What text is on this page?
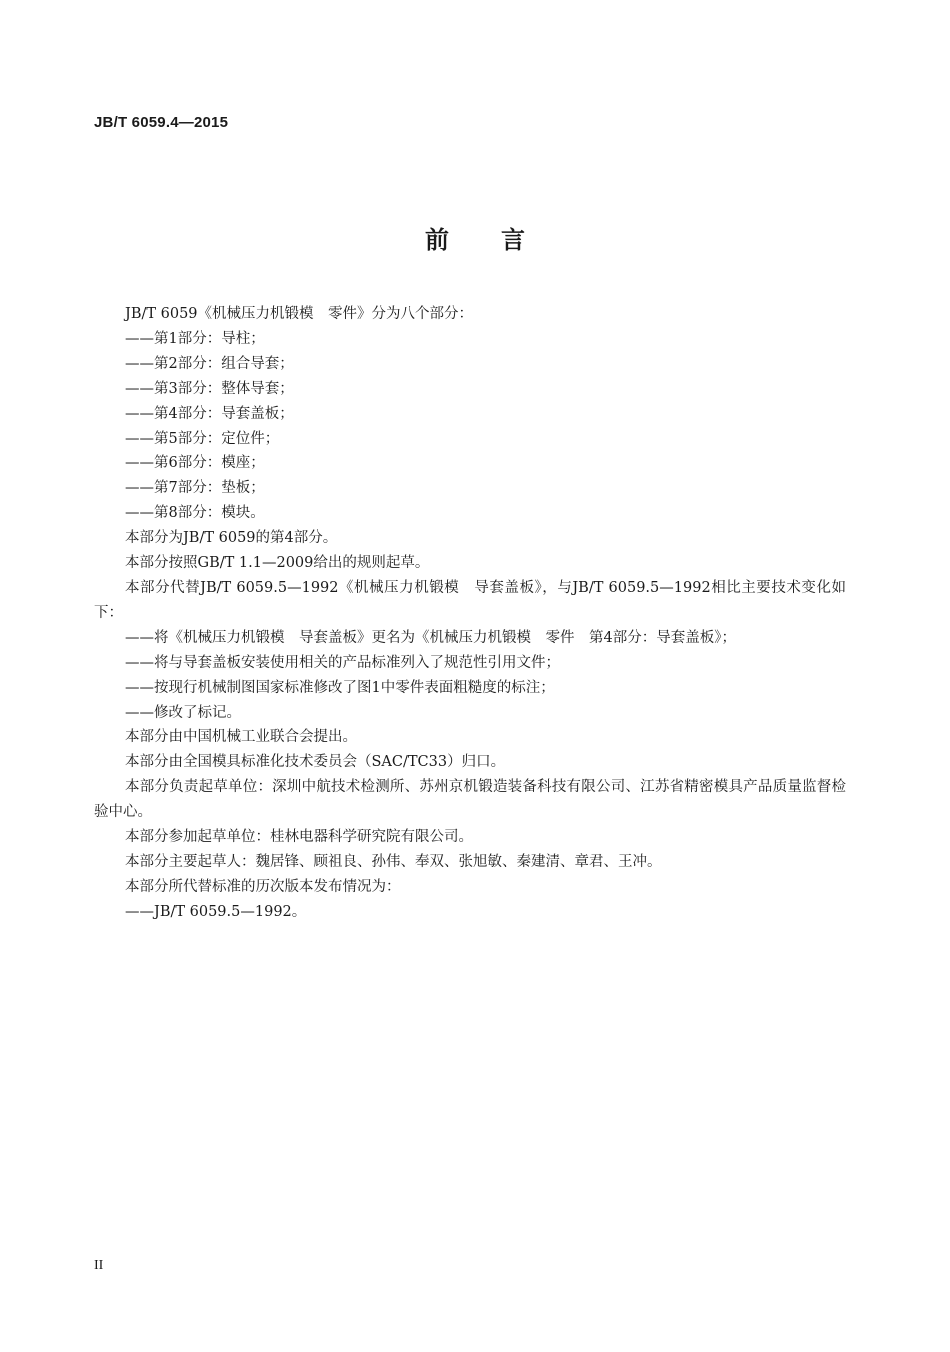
JB/T 6059.4—2015
前 言
JB/T 6059《机械压力机锻模　零件》分为八个部分：
——第1部分：导柱；
——第2部分：组合导套；
——第3部分：整体导套；
——第4部分：导套盖板；
——第5部分：定位件；
——第6部分：模座；
——第7部分：垫板；
——第8部分：模块。
本部分为JB/T 6059的第4部分。
本部分按照GB/T 1.1—2009给出的规则起草。
本部分代替JB/T 6059.5—1992《机械压力机锻模　导套盖板》，与JB/T 6059.5—1992相比主要技术变化如下：
——将《机械压力机锻模　导套盖板》更名为《机械压力机锻模　零件　第4部分：导套盖板》；
——将与导套盖板安装使用相关的产品标准列入了规范性引用文件；
——按现行机械制图国家标准修改了图1中零件表面粗糙度的标注；
——修改了标记。
本部分由中国机械工业联合会提出。
本部分由全国模具标准化技术委员会（SAC/TC33）归口。
本部分负责起草单位：深圳中航技术检测所、苏州京机锻造装备科技有限公司、江苏省精密模具产品质量监督检验中心。
本部分参加起草单位：桂林电器科学研究院有限公司。
本部分主要起草人：魏居锋、顾祖良、孙伟、奉双、张旭敏、秦建清、章君、王冲。
本部分所代替标准的历次版本发布情况为：
——JB/T 6059.5—1992。
II
